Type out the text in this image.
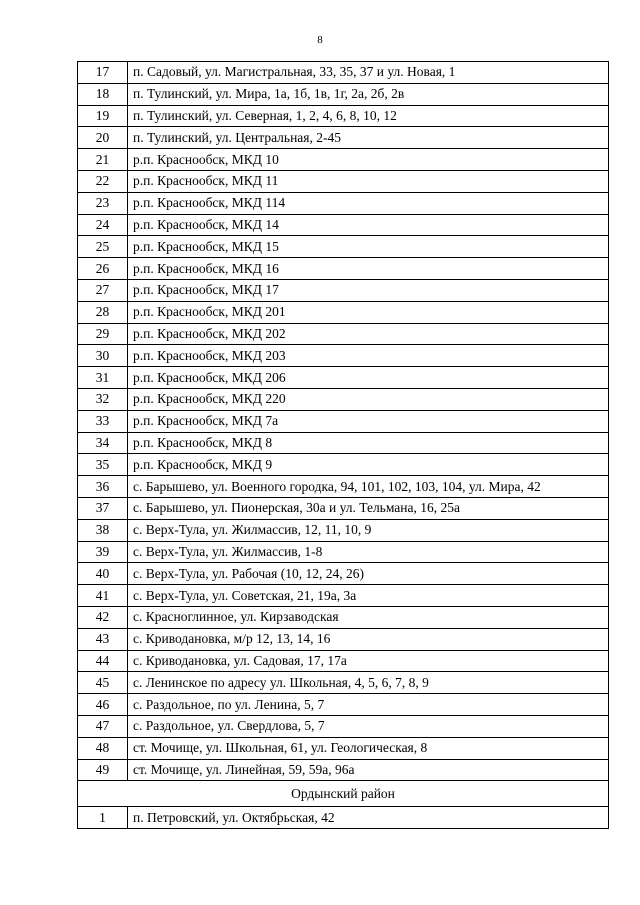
8
17	п. Садовый, ул. Магистральная, 33, 35, 37 и ул. Новая, 1
18	п. Тулинский, ул. Мира, 1а, 1б, 1в, 1г, 2а, 2б, 2в
19	п. Тулинский, ул. Северная, 1, 2, 4, 6, 8, 10, 12
20	п. Тулинский, ул. Центральная, 2-45
21	р.п. Краснообск, МКД 10
22	р.п. Краснообск, МКД 11
23	р.п. Краснообск, МКД 114
24	р.п. Краснообск, МКД 14
25	р.п. Краснообск, МКД 15
26	р.п. Краснообск, МКД 16
27	р.п. Краснообск, МКД 17
28	р.п. Краснообск, МКД 201
29	р.п. Краснообск, МКД 202
30	р.п. Краснообск, МКД 203
31	р.п. Краснообск, МКД 206
32	р.п. Краснообск, МКД 220
33	р.п. Краснообск, МКД 7а
34	р.п. Краснообск, МКД 8
35	р.п. Краснообск, МКД 9
36	с. Барышево, ул. Военного городка, 94, 101, 102, 103, 104, ул. Мира, 42
37	с. Барышево, ул. Пионерская, 30а и ул. Тельмана, 16, 25а
38	с. Верх-Тула, ул. Жилмассив, 12, 11, 10, 9
39	с. Верх-Тула, ул. Жилмассив, 1-8
40	с. Верх-Тула, ул. Рабочая (10, 12, 24, 26)
41	с. Верх-Тула, ул. Советская, 21, 19а, 3а
42	с. Красноглинное, ул. Кирзаводская
43	с. Криводановка, м/р 12, 13, 14, 16
44	с. Криводановка, ул. Садовая, 17, 17а
45	с. Ленинское по адресу ул. Школьная, 4, 5, 6, 7, 8, 9
46	с. Раздольное, по ул. Ленина, 5, 7
47	с. Раздольное, ул. Свердлова, 5, 7
48	ст. Мочище, ул. Школьная, 61, ул. Геологическая, 8
49	ст. Мочище, ул. Линейная, 59, 59а, 96а
Ордынский район	
1	п. Петровский, ул. Октябрьская, 42
